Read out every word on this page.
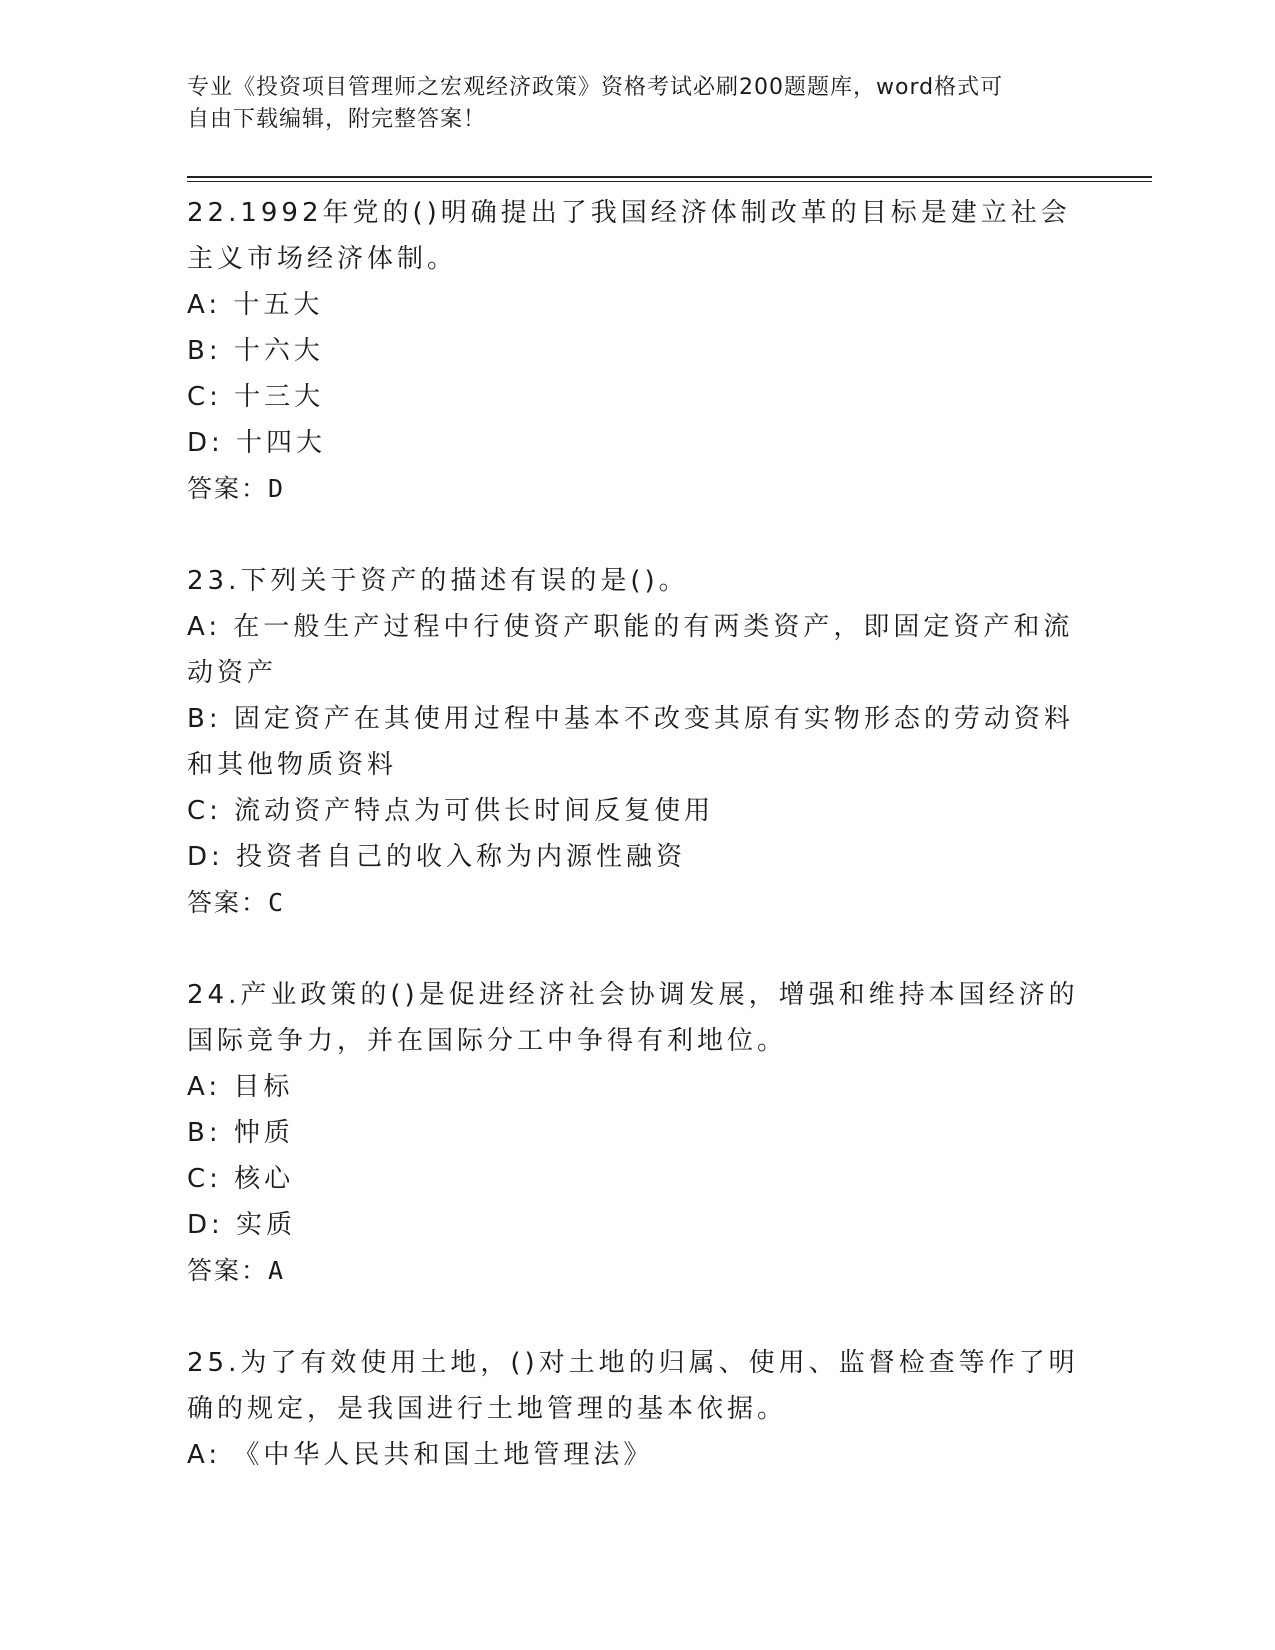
专业《投资项目管理师之宏观经济政策》资格考试必刷200题题库，word格式可
自由下载编辑，附完整答案！
22.1992年党的()明确提出了我国经济体制改革的目标是建立社会主义市场经济体制。
A: 十五大
B: 十六大
C: 十三大
D: 十四大
答案：D
23.下列关于资产的描述有误的是()。
A: 在一般生产过程中行使资产职能的有两类资产，即固定资产和流动资产
B: 固定资产在其使用过程中基本不改变其原有实物形态的劳动资料和其他物质资料
C: 流动资产特点为可供长时间反复使用
D: 投资者自己的收入称为内源性融资
答案：C
24.产业政策的()是促进经济社会协调发展，增强和维持本国经济的国际竞争力，并在国际分工中争得有利地位。
A: 目标
B: 忡质
C: 核心
D: 实质
答案：A
25.为了有效使用土地，()对土地的归属、使用、监督检查等作了明确的规定，是我国进行土地管理的基本依据。
A: 《中华人民共和国土地管理法》
